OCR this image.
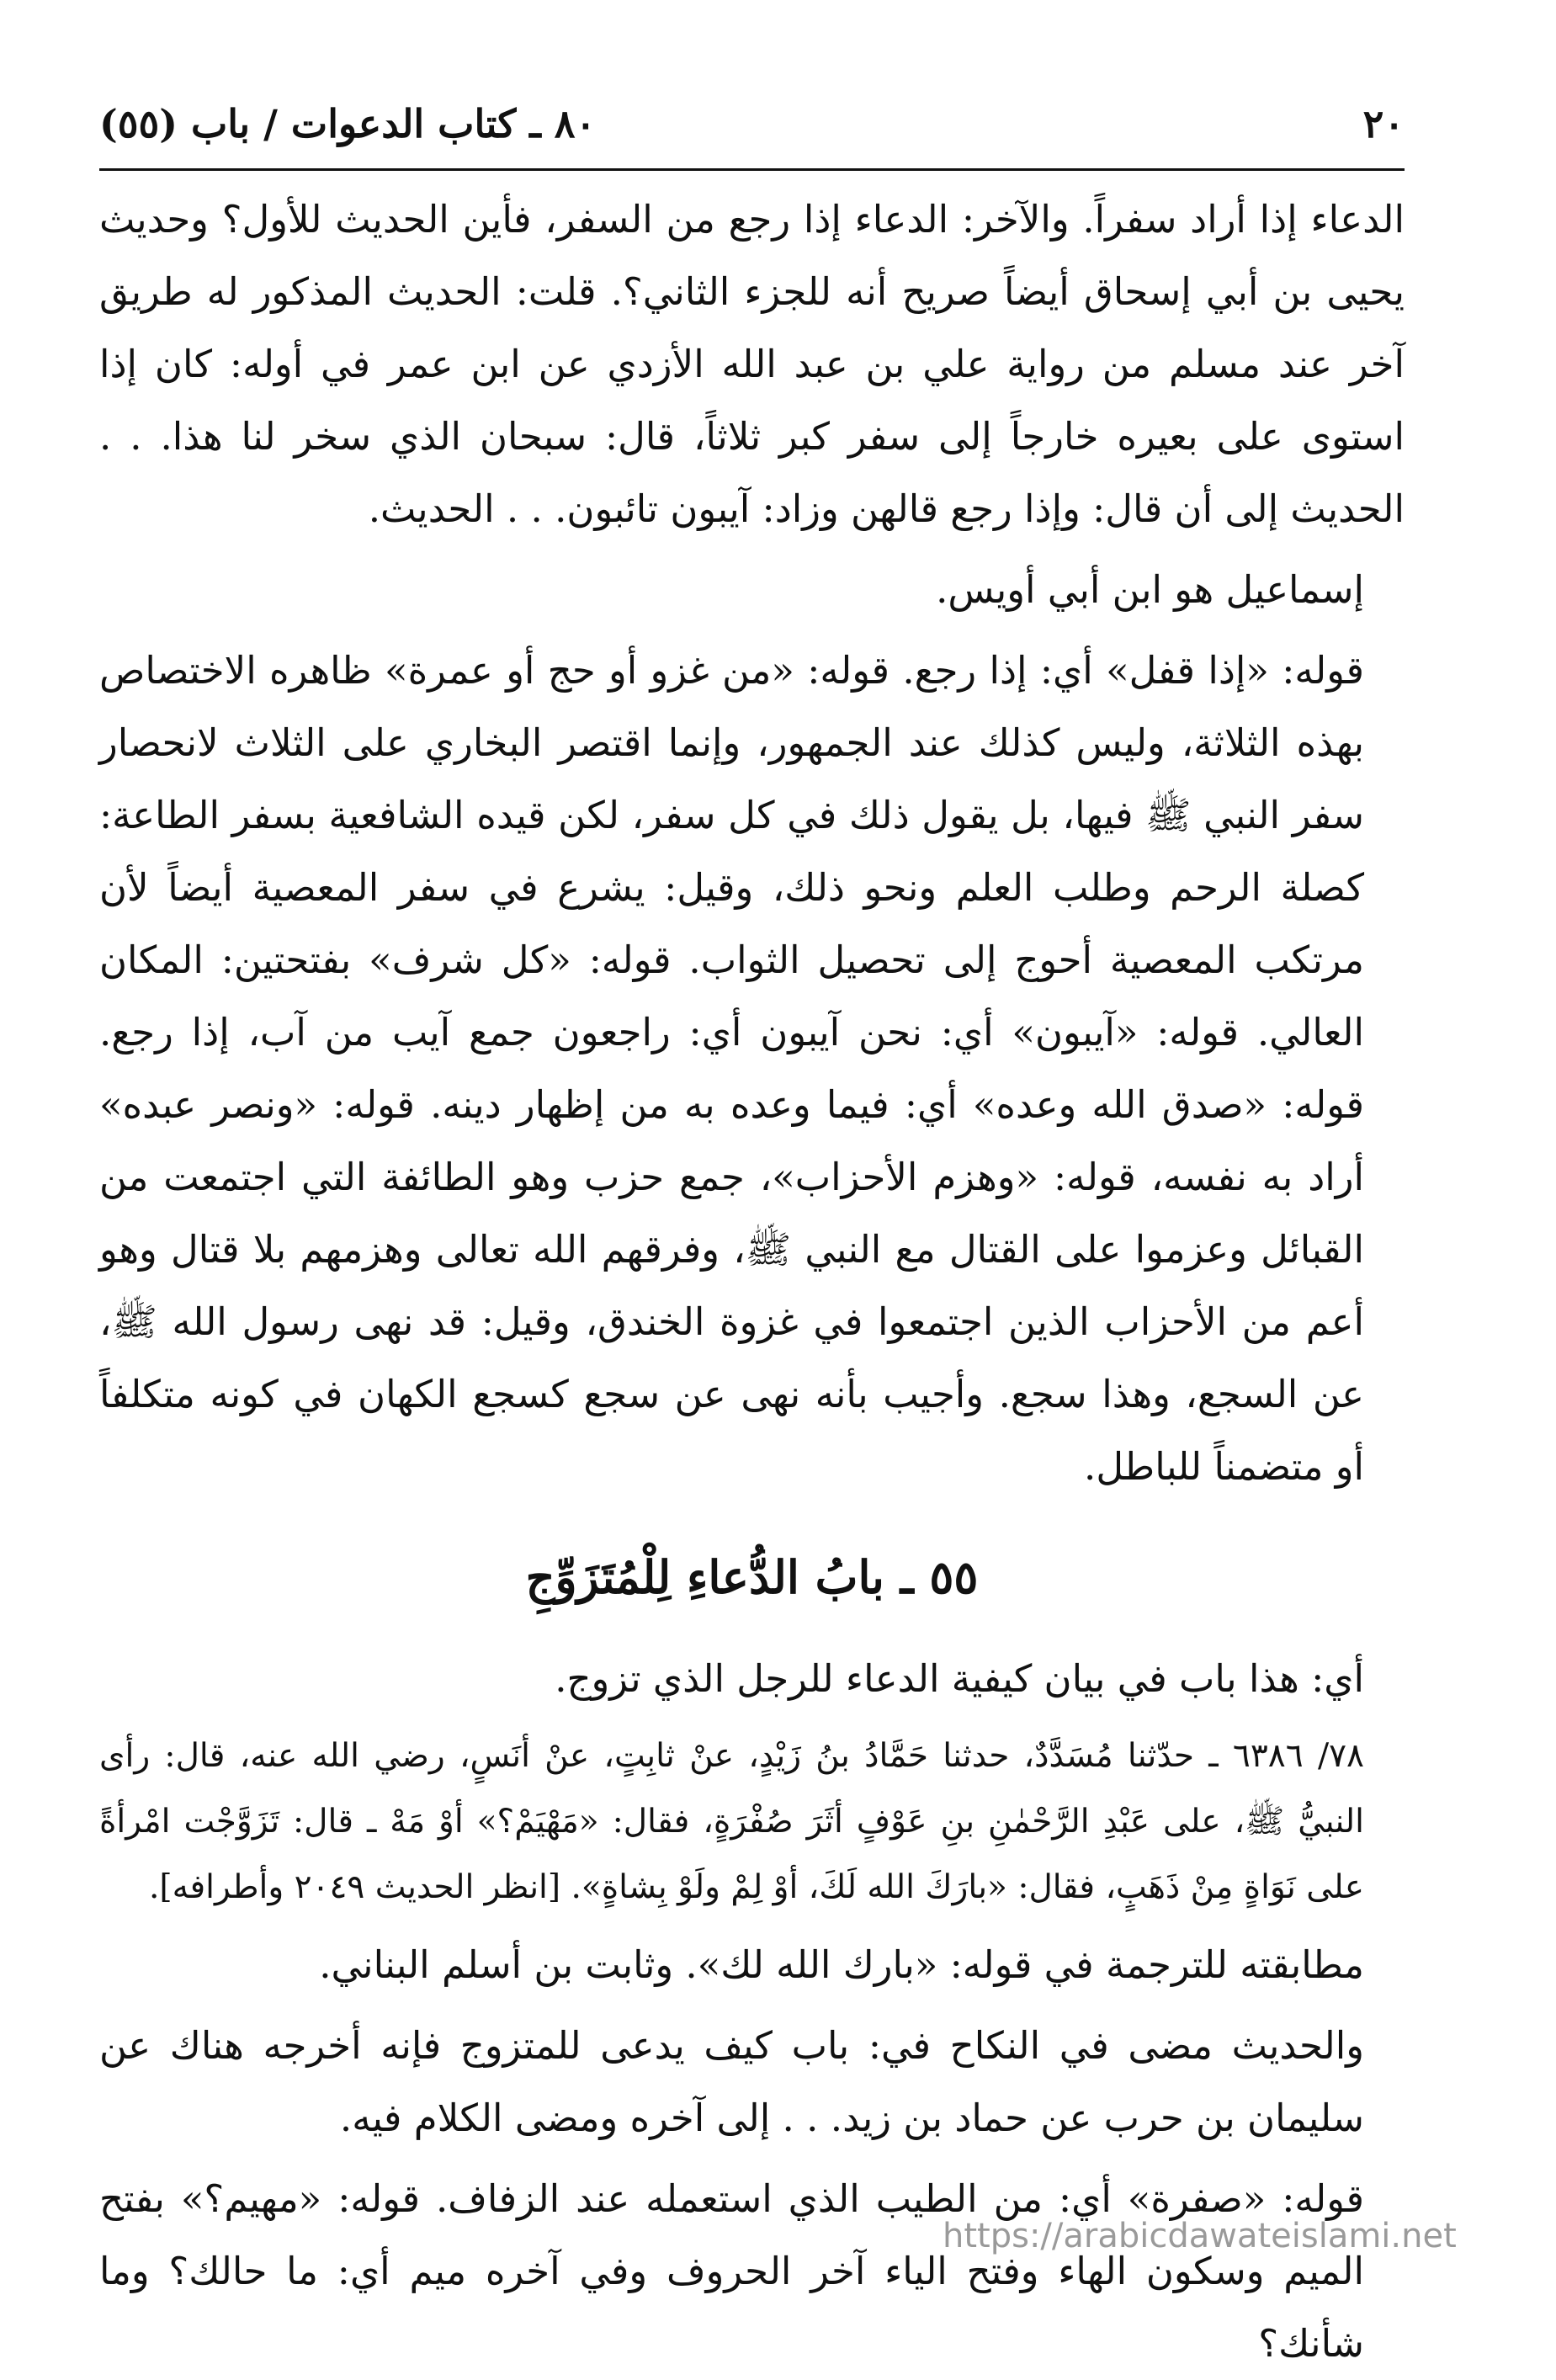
٢٠
٨٠ ـ كتاب الدعوات / باب (٥٥)

الدعاء إذا أراد سفراً. والآخر: الدعاء إذا رجع من السفر، فأين الحديث للأول؟ وحديث يحيى بن أبي إسحاق أيضاً صريح أنه للجزء الثاني؟. قلت: الحديث المذكور له طريق آخر عند مسلم من رواية علي بن عبد الله الأزدي عن ابن عمر في أوله: كان إذا استوى على بعيره خارجاً إلى سفر كبر ثلاثاً، قال: سبحان الذي سخر لنا هذا. . . الحديث إلى أن قال: وإذا رجع قالهن وزاد: آيبون تائبون. . . الحديث.

إسماعيل هو ابن أبي أويس.

قوله: «إذا قفل» أي: إذا رجع. قوله: «من غزو أو حج أو عمرة» ظاهره الاختصاص بهذه الثلاثة، وليس كذلك عند الجمهور، وإنما اقتصر البخاري على الثلاث لانحصار سفر النبي ﷺ فيها، بل يقول ذلك في كل سفر، لكن قيده الشافعية بسفر الطاعة: كصلة الرحم وطلب العلم ونحو ذلك، وقيل: يشرع في سفر المعصية أيضاً لأن مرتكب المعصية أحوج إلى تحصيل الثواب. قوله: «كل شرف» بفتحتين: المكان العالي. قوله: «آيبون» أي: نحن آيبون أي: راجعون جمع آيب من آب، إذا رجع. قوله: «صدق الله وعده» أي: فيما وعده به من إظهار دينه. قوله: «ونصر عبده» أراد به نفسه، قوله: «وهزم الأحزاب»، جمع حزب وهو الطائفة التي اجتمعت من القبائل وعزموا على القتال مع النبي ﷺ، وفرقهم الله تعالى وهزمهم بلا قتال وهو أعم من الأحزاب الذين اجتمعوا في غزوة الخندق، وقيل: قد نهى رسول الله ﷺ، عن السجع، وهذا سجع. وأجيب بأنه نهى عن سجع كسجع الكهان في كونه متكلفاً أو متضمناً للباطل.

٥٥ ـ بابُ الدُّعاءِ لِلْمُتَزَوِّجِ

أي: هذا باب في بيان كيفية الدعاء للرجل الذي تزوج.

٧٨/ ٦٣٨٦ ـ حدّثنا مُسَدَّدٌ، حدثنا حَمَّادُ بنُ زَيْدٍ، عنْ ثابِتٍ، عنْ أنَسٍ، رضي الله عنه، قال: رأى النبيُّ ﷺ، على عَبْدِ الرَّحْمٰنِ بنِ عَوْفٍ أثَرَ صُفْرَةٍ، فقال: «مَهْيَمْ؟» أوْ مَهْ ـ قال: تَزَوَّجْت امْرأةً على نَوَاةٍ مِنْ ذَهَبٍ، فقال: «بارَكَ الله لَكَ، أوْ لِمْ ولَوْ بِشاةٍ». [انظر الحديث ٢٠٤٩ وأطرافه].

مطابقته للترجمة في قوله: «بارك الله لك». وثابت بن أسلم البناني.

والحديث مضى في النكاح في: باب كيف يدعى للمتزوج فإنه أخرجه هناك عن سليمان بن حرب عن حماد بن زيد. . . إلى آخره ومضى الكلام فيه.

قوله: «صفرة» أي: من الطيب الذي استعمله عند الزفاف. قوله: «مهيم؟» بفتح الميم وسكون الهاء وفتح الياء آخر الحروف وفي آخره ميم أي: ما حالك؟ وما شأنك؟

https://arabicdawateislami.net
